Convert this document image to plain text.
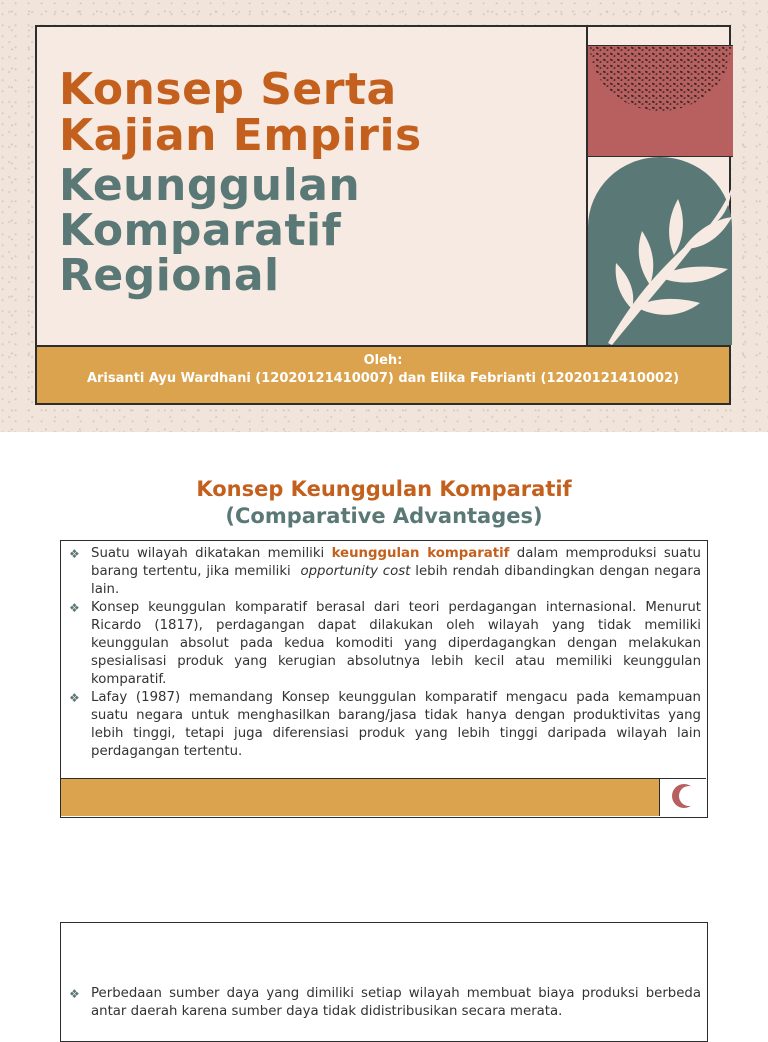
Konsep Serta
Kajian Empiris
Keunggulan
Komparatif
Regional
Oleh:
Arisanti Ayu Wardhani (12020121410007) dan Elika Febrianti (12020121410002)
Konsep Keunggulan Komparatif
(Comparative Advantages)
❖ Suatu wilayah dikatakan memiliki keunggulan komparatif dalam memproduksi suatu barang tertentu, jika memiliki  opportunity cost lebih rendah dibandingkan dengan negara lain.
❖ Konsep keunggulan komparatif berasal dari teori perdagangan internasional. Menurut Ricardo (1817), perdagangan dapat dilakukan oleh wilayah yang tidak memiliki keunggulan absolut pada kedua komoditi yang diperdagangkan dengan melakukan spesialisasi produk yang kerugian absolutnya lebih kecil atau memiliki keunggulan komparatif.
❖ Lafay (1987) memandang Konsep keunggulan komparatif mengacu pada kemampuan suatu negara untuk menghasilkan barang/jasa tidak hanya dengan produktivitas yang lebih tinggi, tetapi juga diferensiasi produk yang lebih tinggi daripada wilayah lain perdagangan tertentu.
❖ Perbedaan sumber daya yang dimiliki setiap wilayah membuat biaya produksi berbeda antar daerah karena sumber daya tidak didistribusikan secara merata.
